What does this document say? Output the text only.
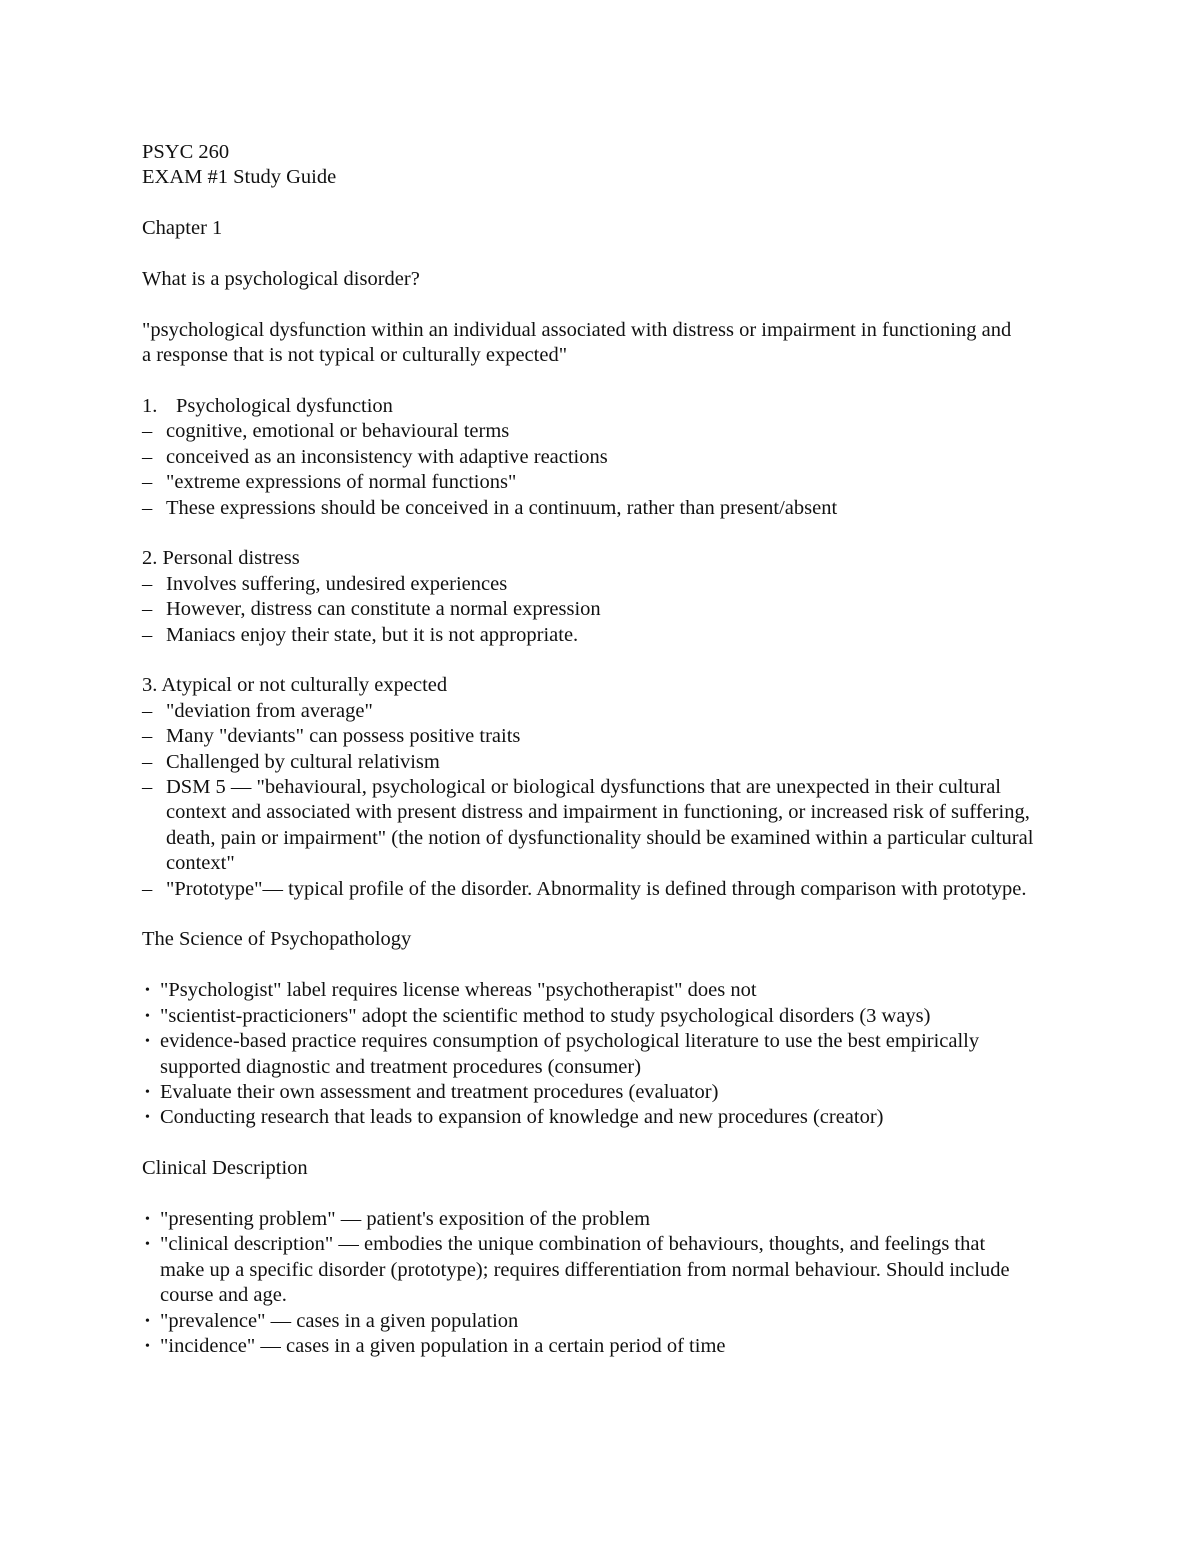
PSYC 260
EXAM #1 Study Guide
Chapter 1
What is a psychological disorder?
"psychological dysfunction within an individual associated with distress or impairment in functioning and a response that is not typical or culturally expected"
1. Psychological dysfunction
– cognitive, emotional or behavioural terms
– conceived as an inconsistency with adaptive reactions
– "extreme expressions of normal functions"
– These expressions should be conceived in a continuum, rather than present/absent
2. Personal distress
– Involves suffering, undesired experiences
– However, distress can constitute a normal expression
– Maniacs enjoy their state, but it is not appropriate.
3. Atypical or not culturally expected
– "deviation from average"
– Many "deviants" can possess positive traits
– Challenged by cultural relativism
– DSM 5 — "behavioural, psychological or biological dysfunctions that are unexpected in their cultural context and associated with present distress and impairment in functioning, or increased risk of suffering, death, pain or impairment" (the notion of dysfunctionality should be examined within a particular cultural context"
– "Prototype"— typical profile of the disorder. Abnormality is defined through comparison with prototype.
The Science of Psychopathology
• "Psychologist" label requires license whereas "psychotherapist" does not
• "scientist-practicioners" adopt the scientific method to study psychological disorders (3 ways)
• evidence-based practice requires consumption of psychological literature to use the best empirically supported diagnostic and treatment procedures (consumer)
• Evaluate their own assessment and treatment procedures (evaluator)
• Conducting research that leads to expansion of knowledge and new procedures (creator)
Clinical Description
• "presenting problem" — patient's exposition of the problem
• "clinical description" — embodies the unique combination of behaviours, thoughts, and feelings that make up a specific disorder (prototype); requires differentiation from normal behaviour. Should include course and age.
• "prevalence" — cases in a given population
• "incidence" — cases in a given population in a certain period of time
